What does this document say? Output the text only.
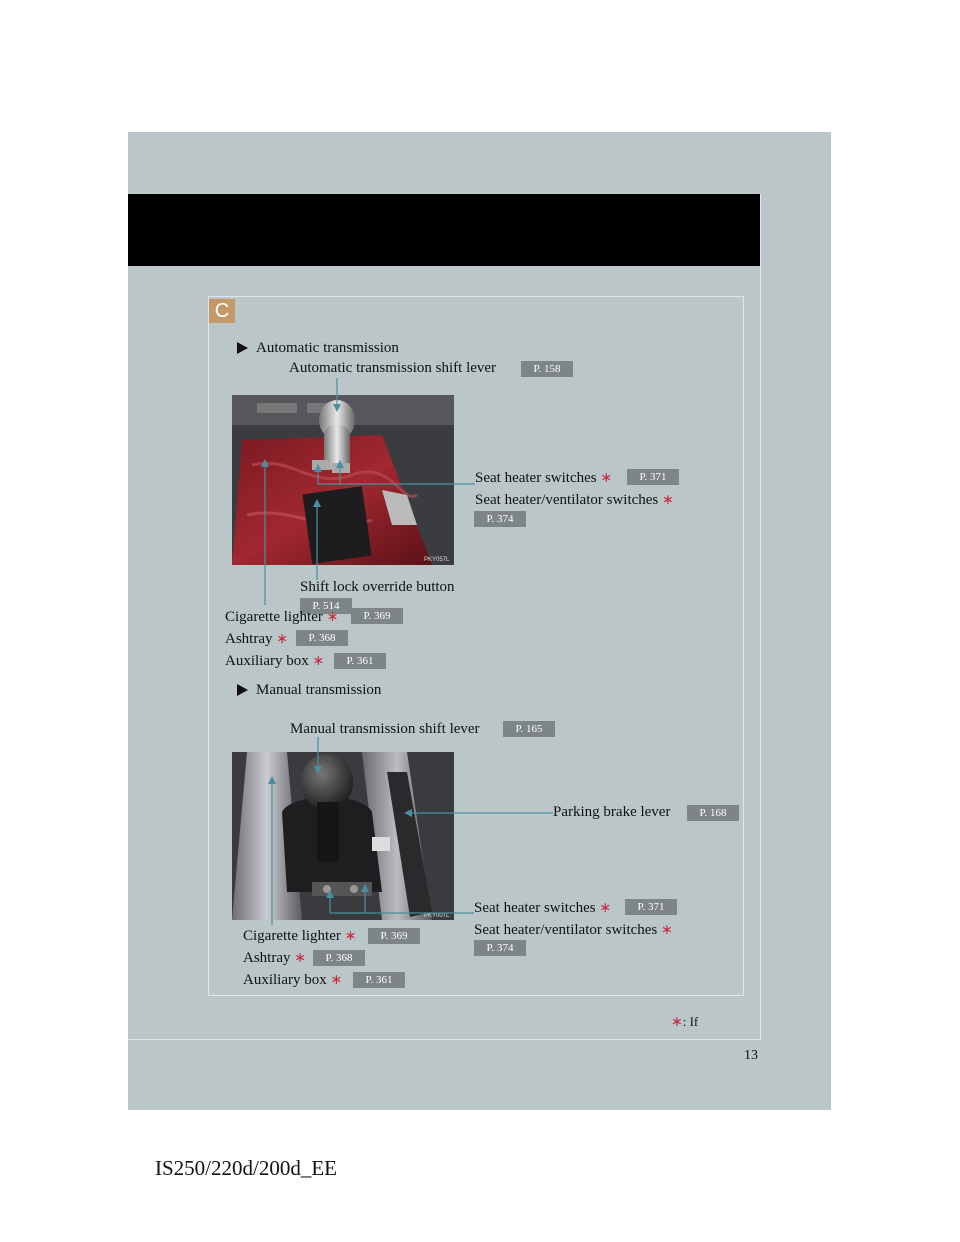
C
Automatic transmission
Automatic transmission shift lever	P. 158
PKY057L
Seat heater switches ∗	P. 371
Seat heater/ventilator switches ∗
P. 374
Shift lock override button
P. 514
Cigarette lighter ∗	P. 369
Ashtray ∗	P. 368
Auxiliary box ∗	P. 361
Manual transmission
Manual transmission shift lever	P. 165
PKY007L
Parking brake lever	P. 168
Seat heater switches ∗	P. 371
Seat heater/ventilator switches ∗
P. 374
Cigarette lighter ∗	P. 369
Ashtray ∗	P. 368
Auxiliary box ∗	P. 361
∗: If
13
IS250/220d/200d_EE
